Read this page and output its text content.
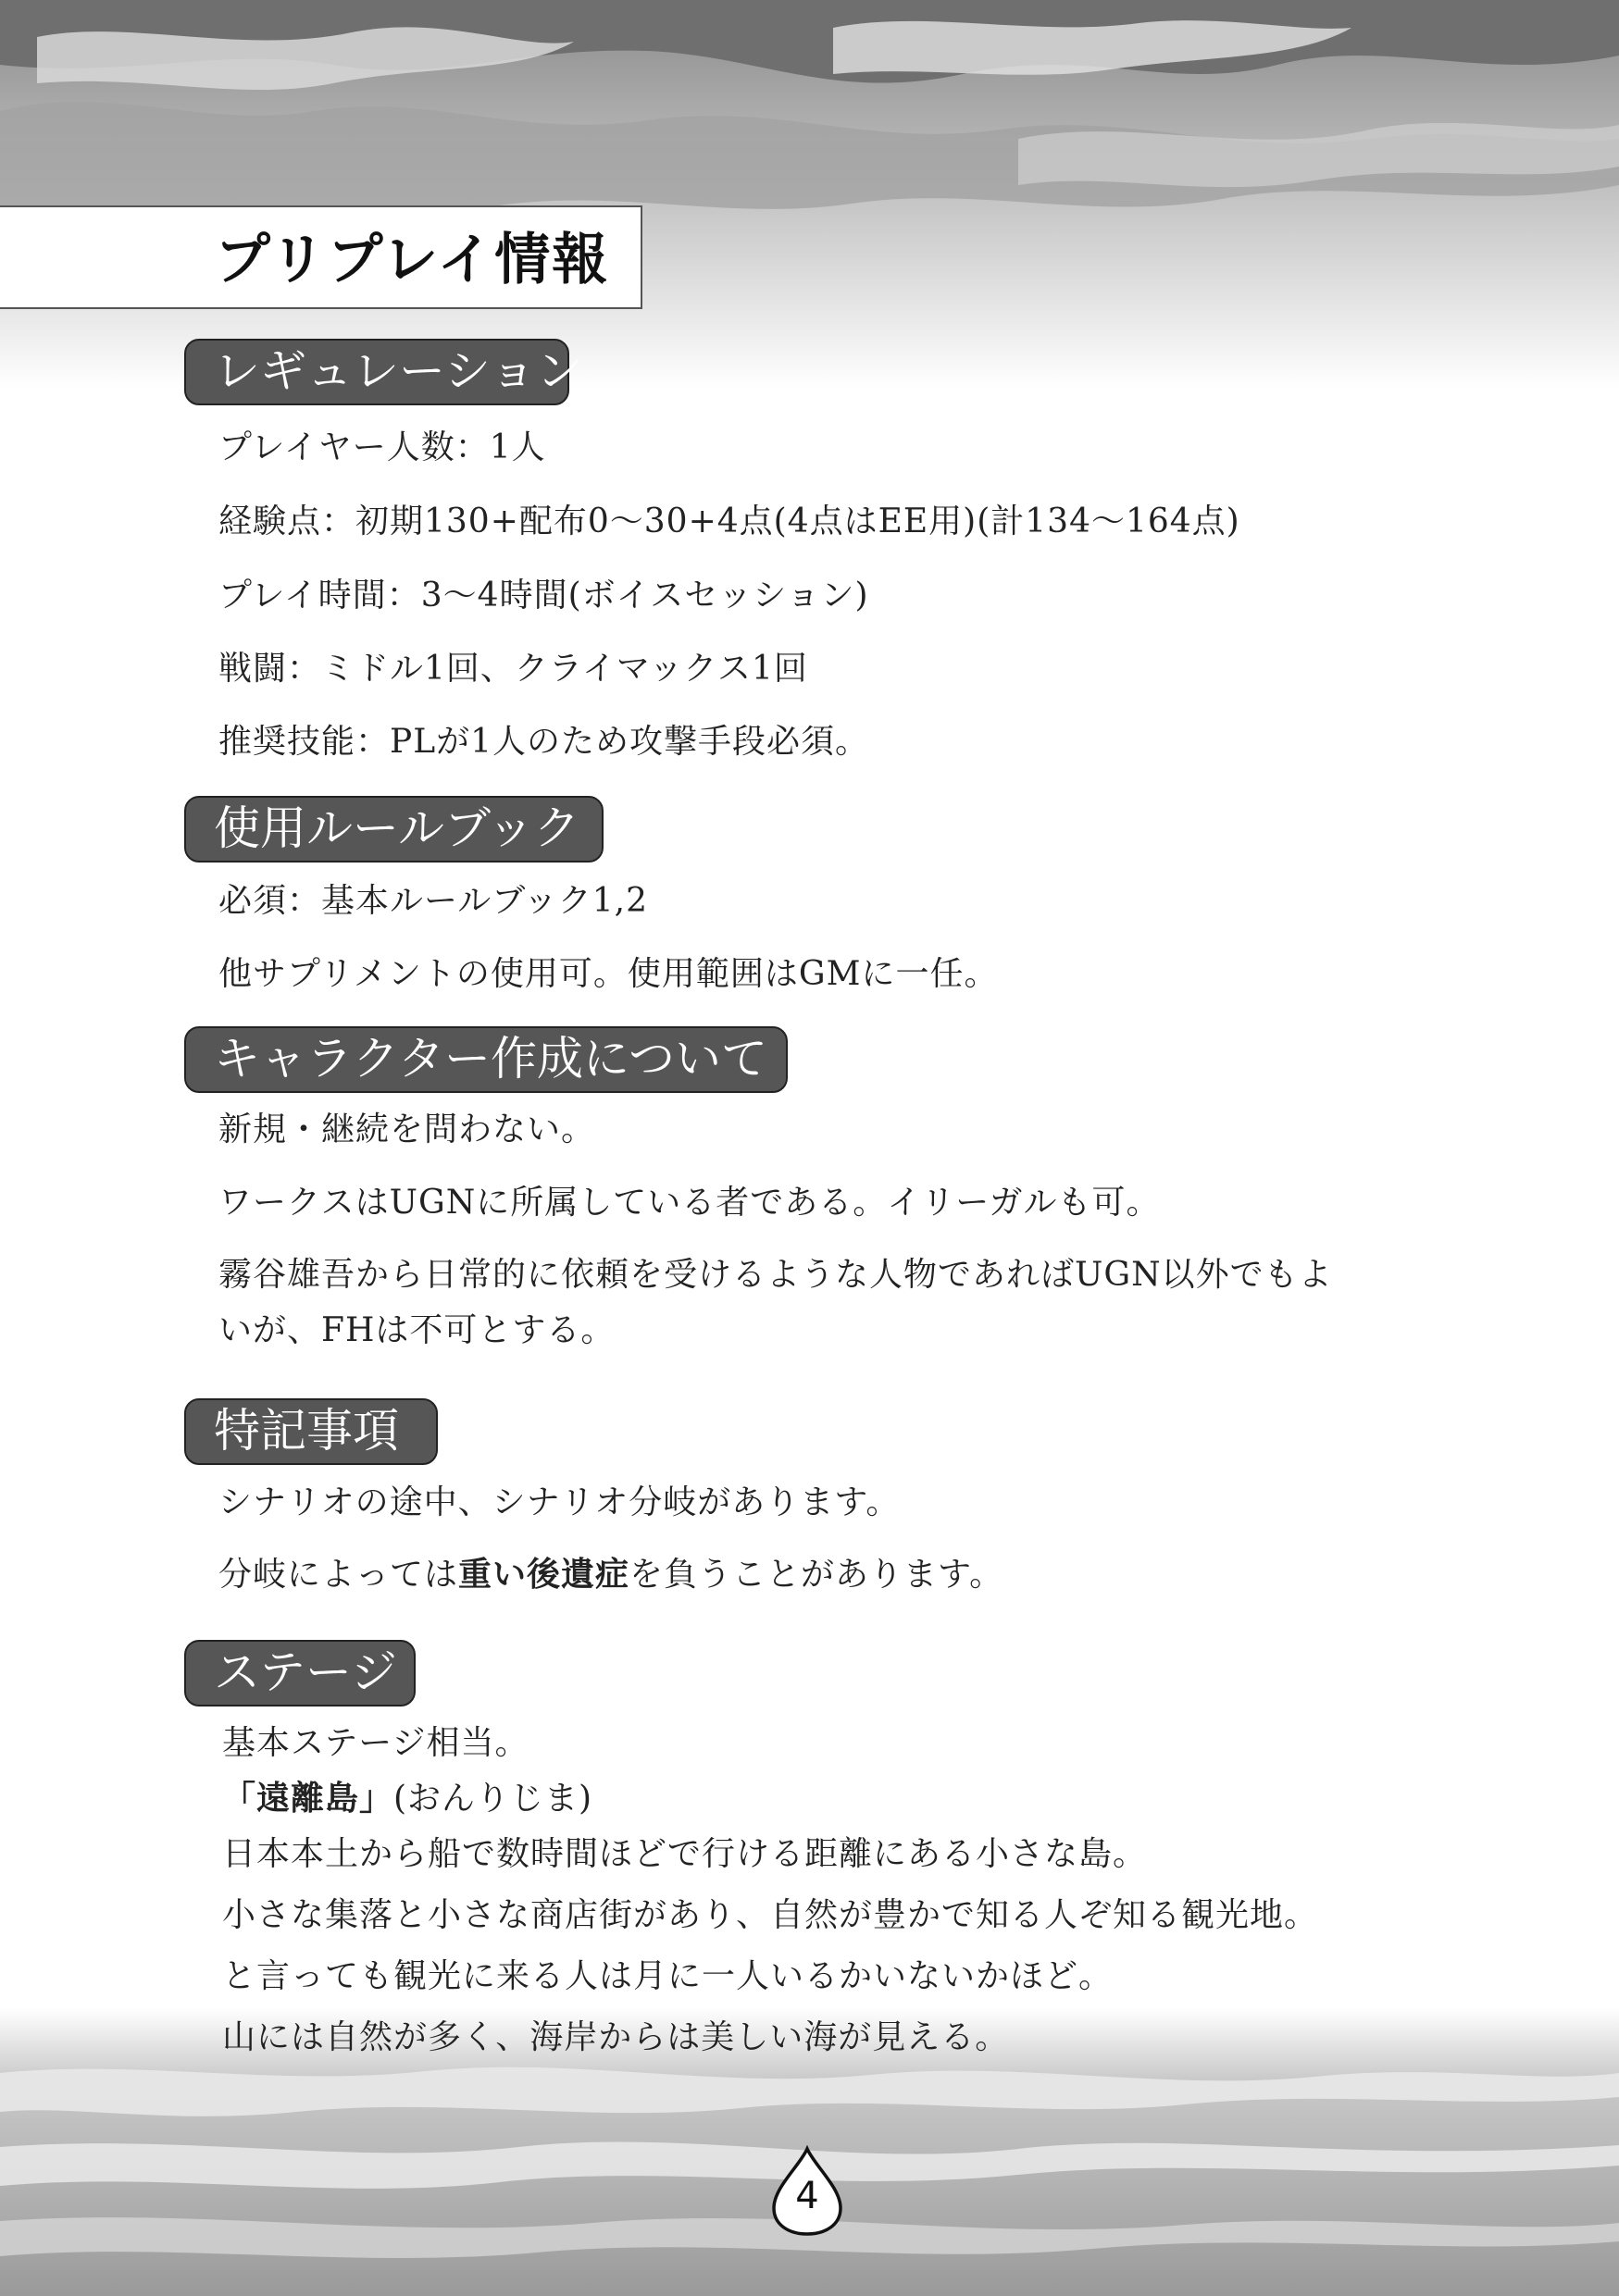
プリプレイ情報
レギュレーション
プレイヤー人数：1人
経験点：初期130+配布0〜30+4点(4点はEE用)(計134〜164点)
プレイ時間：3〜4時間(ボイスセッション)
戦闘：ミドル1回、クライマックス1回
推奨技能：PLが1人のため攻撃手段必須。
使用ルールブック
必須：基本ルールブック1,2
他サプリメントの使用可。使用範囲はGMに一任。
キャラクター作成について
新規・継続を問わない。
ワークスはUGNに所属している者である。イリーガルも可。
霧谷雄吾から日常的に依頼を受けるような人物であればUGN以外でもよ
いが、FHは不可とする。
特記事項
シナリオの途中、シナリオ分岐があります。
分岐によっては重い後遺症を負うことがあります。
ステージ
基本ステージ相当。
「遠離島」(おんりじま)
日本本土から船で数時間ほどで行ける距離にある小さな島。
小さな集落と小さな商店街があり、自然が豊かで知る人ぞ知る観光地。
と言っても観光に来る人は月に一人いるかいないかほど。
山には自然が多く、海岸からは美しい海が見える。
4
